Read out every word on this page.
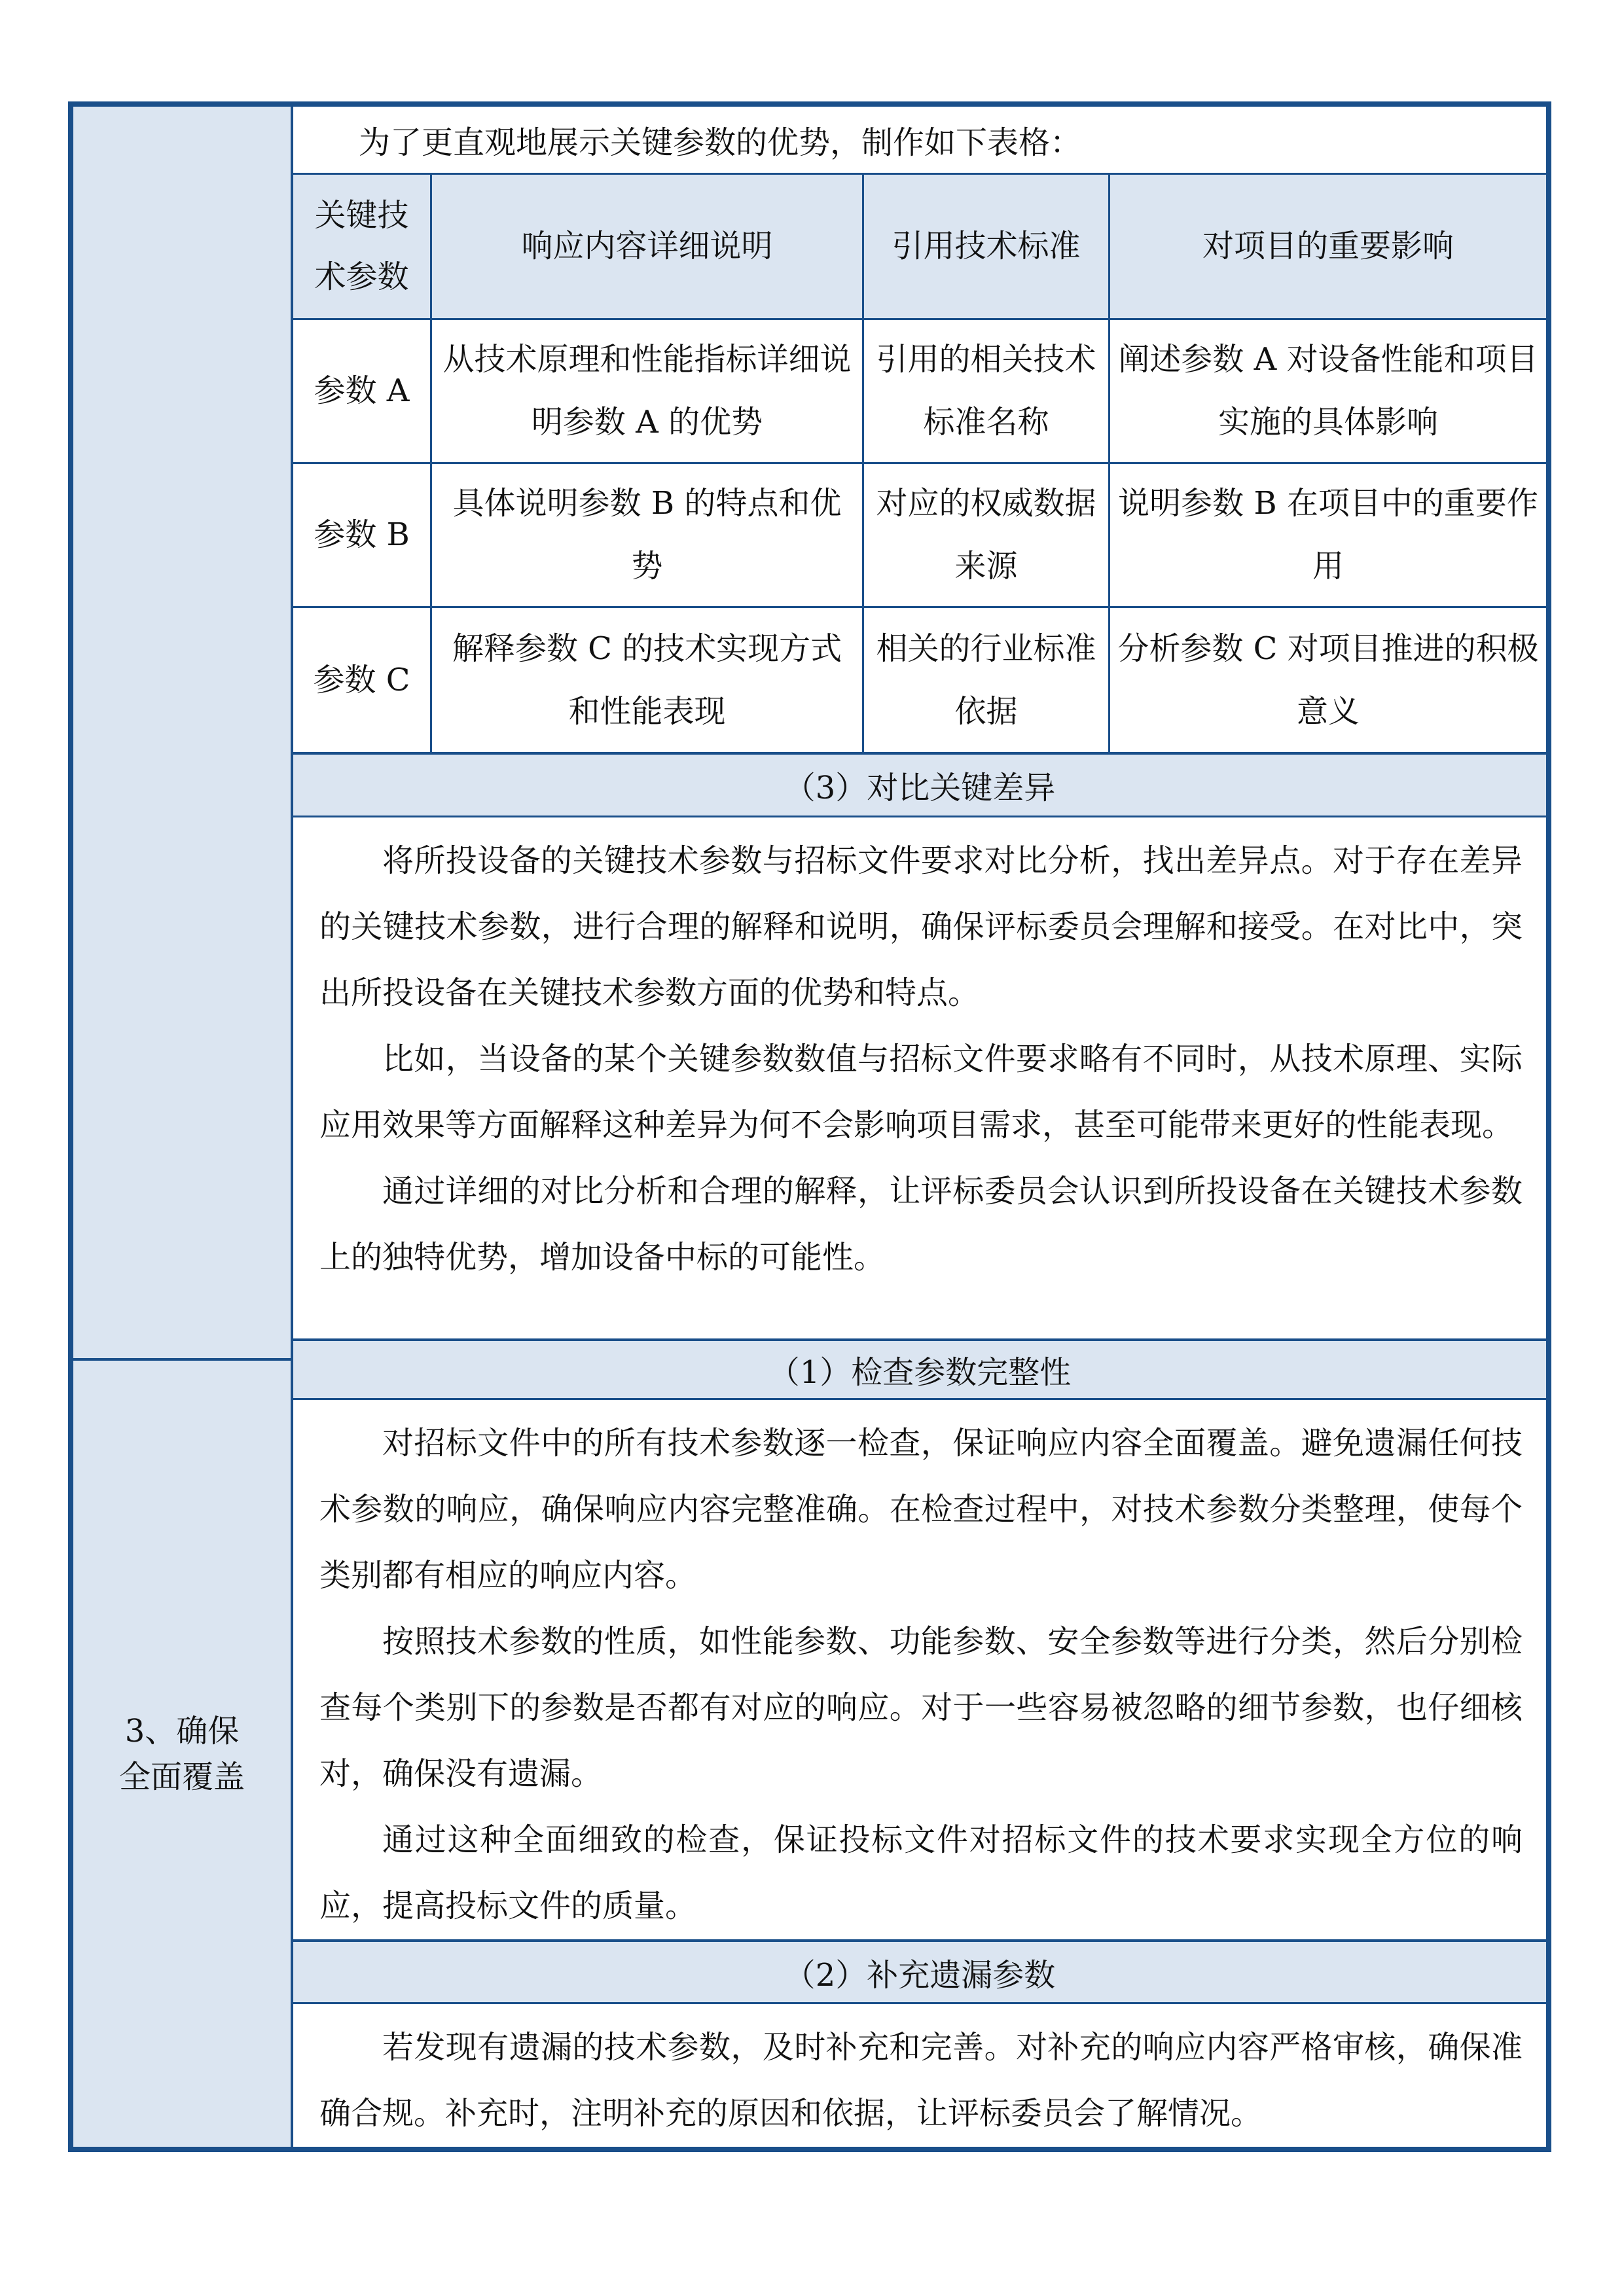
3、确保全面覆盖
为了更直观地展示关键参数的优势，制作如下表格：
关键技术参数
响应内容详细说明	引用技术标准	对项目的重要影响
参数 A
从技术原理和性能指标详细说明参数 A 的优势
引用的相关技术标准名称
阐述参数 A 对设备性能和项目实施的具体影响
参数 B
具体说明参数 B 的特点和优势
对应的权威数据来源
说明参数 B 在项目中的重要作用
参数 C
解释参数 C 的技术实现方式和性能表现
相关的行业标准依据
分析参数 C 对项目推进的积极意义
（3）对比关键差异

将所投设备的关键技术参数与招标文件要求对比分析，找出差异点。对于存在差异的关键技术参数，进行合理的解释和说明，确保评标委员会理解和接受。在对比中，突出所投设备在关键技术参数方面的优势和特点。

比如，当设备的某个关键参数数值与招标文件要求略有不同时，从技术原理、实际应用效果等方面解释这种差异为何不会影响项目需求，甚至可能带来更好的性能表现。

通过详细的对比分析和合理的解释，让评标委员会认识到所投设备在关键技术参数上的独特优势，增加设备中标的可能性。

（1）检查参数完整性

对招标文件中的所有技术参数逐一检查，保证响应内容全面覆盖。避免遗漏任何技术参数的响应，确保响应内容完整准确。在检查过程中，对技术参数分类整理，使每个类别都有相应的响应内容。

按照技术参数的性质，如性能参数、功能参数、安全参数等进行分类，然后分别检查每个类别下的参数是否都有对应的响应。对于一些容易被忽略的细节参数，也仔细核对，确保没有遗漏。

通过这种全面细致的检查，保证投标文件对招标文件的技术要求实现全方位的响应，提高投标文件的质量。

（2）补充遗漏参数

若发现有遗漏的技术参数，及时补充和完善。对补充的响应内容严格审核，确保准确合规。补充时，注明补充的原因和依据，让评标委员会了解情况。
